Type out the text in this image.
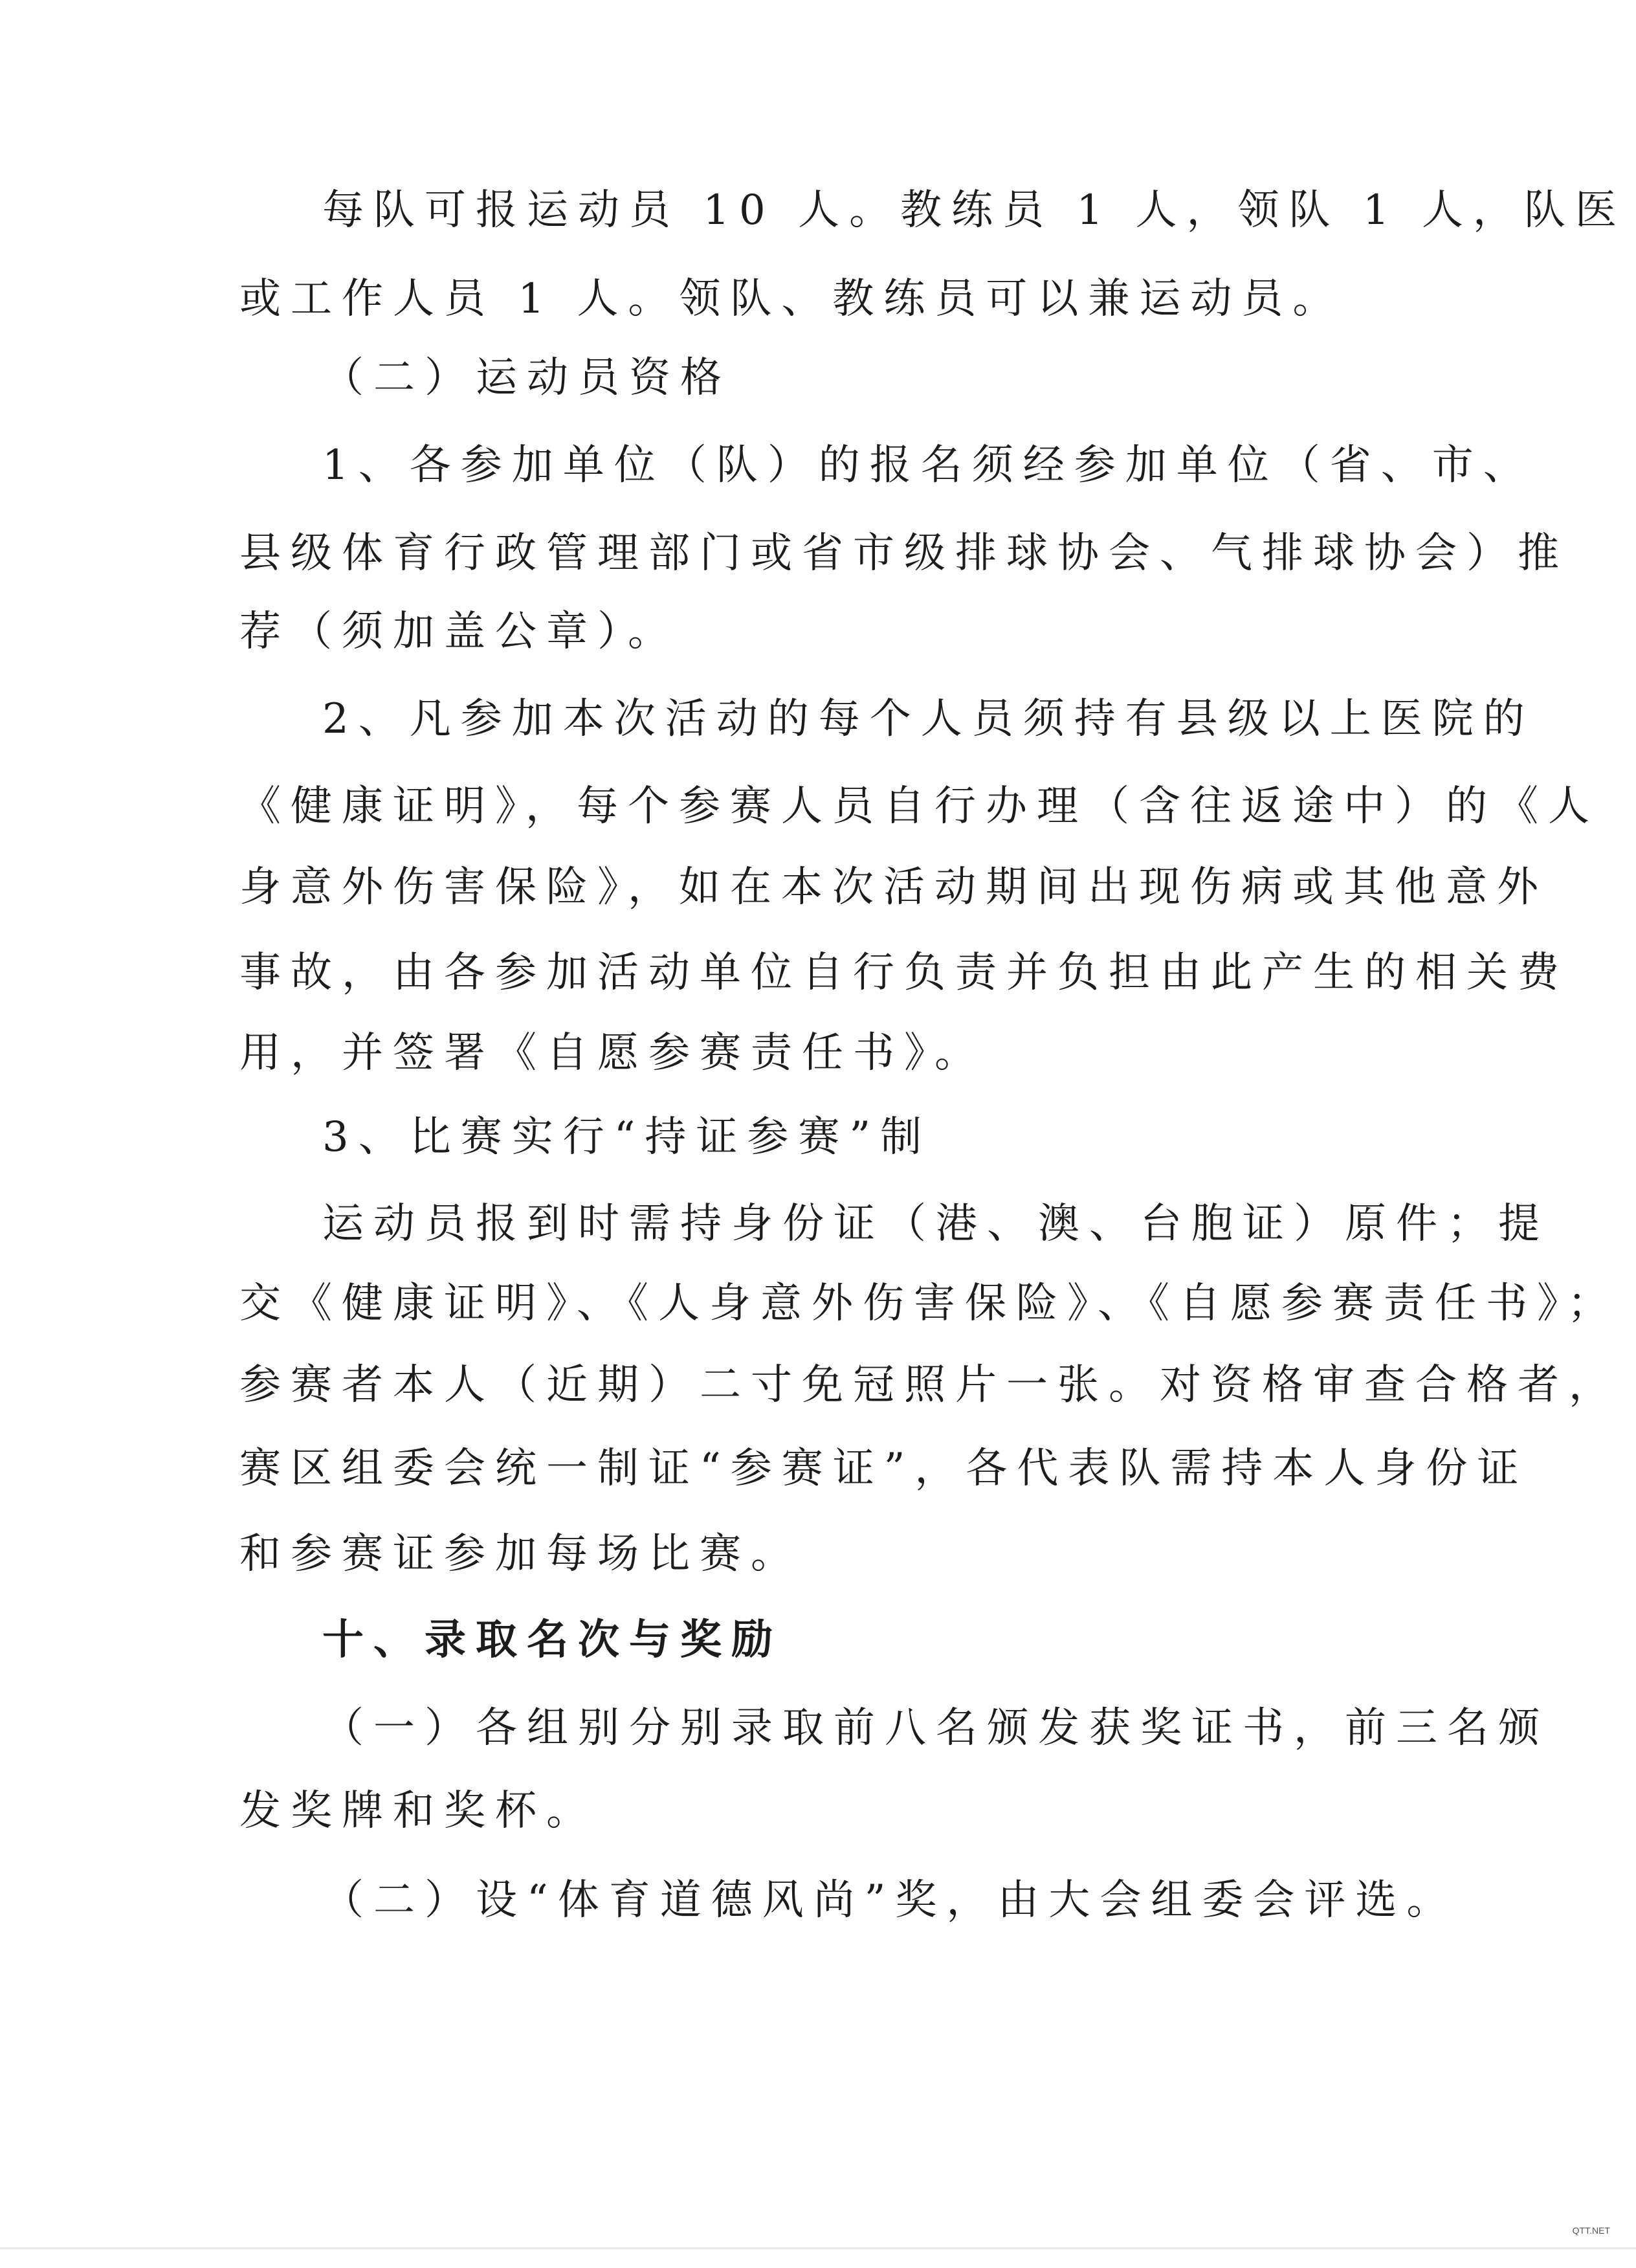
每队可报运动员 10 人。教练员 1 人，领队 1 人，队医

或工作人员 1 人。领队、教练员可以兼运动员。

（二）运动员资格

1、各参加单位（队）的报名须经参加单位（省、市、

县级体育行政管理部门或省市级排球协会、气排球协会）推

荐（须加盖公章）。

2、凡参加本次活动的每个人员须持有县级以上医院的

《健康证明》，每个参赛人员自行办理（含往返途中）的《人

身意外伤害保险》，如在本次活动期间出现伤病或其他意外

事故，由各参加活动单位自行负责并负担由此产生的相关费

用，并签署《自愿参赛责任书》。

3、比赛实行“持证参赛”制

运动员报到时需持身份证（港、澳、台胞证）原件；提

交《健康证明》、《人身意外伤害保险》、《自愿参赛责任书》；

参赛者本人（近期）二寸免冠照片一张。对资格审查合格者，

赛区组委会统一制证“参赛证”，各代表队需持本人身份证

和参赛证参加每场比赛。

十、录取名次与奖励

（一）各组别分别录取前八名颁发获奖证书，前三名颁

发奖牌和奖杯。

（二）设“体育道德风尚”奖，由大会组委会评选。

QTT.NET
